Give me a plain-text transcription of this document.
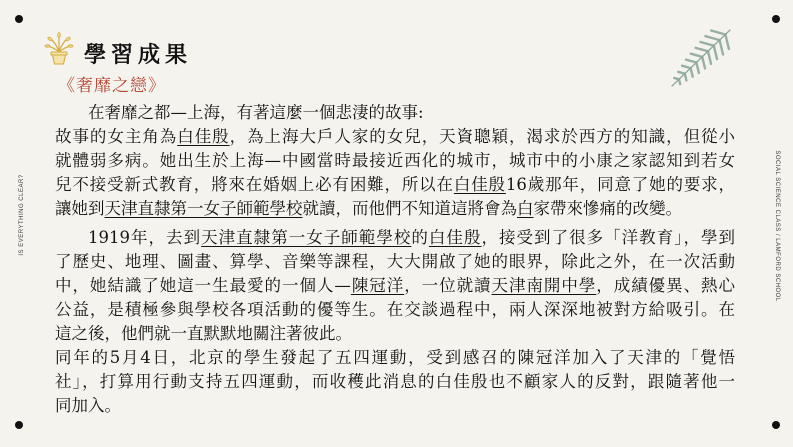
學習成果
《奢靡之戀》
IS EVERYTHING CLEAR?	SOCIAL SCIENCE CLASS / LAMFORD SCHOOL
在奢靡之都—上海，有著這麼一個悲淒的故事:
故事的女主角為白佳殷，為上海大戶人家的女兒，天資聰穎，渴求於西方的知識，但從小
就體弱多病。她出生於上海—中國當時最接近西化的城市，城市中的小康之家認知到若女
兒不接受新式教育，將來在婚姻上必有困難，所以在白佳殷16歲那年，同意了她的要求，
讓她到天津直隸第一女子師範學校就讀，而他們不知道這將會為白家帶來慘痛的改變。
1919年，去到天津直隸第一女子師範學校的白佳殷，接受到了很多「洋教育」，學到
了歷史、地理、圖畫、算學、音樂等課程，大大開啟了她的眼界，除此之外，在一次活動
中，她結識了她這一生最愛的一個人—陳冠洋，一位就讀天津南開中學，成績優異、熱心
公益，是積極參與學校各項活動的優等生。在交談過程中，兩人深深地被對方給吸引。在
這之後，他們就一直默默地關注著彼此。
同年的5月4日，北京的學生發起了五四運動，受到感召的陳冠洋加入了天津的「覺悟
社」，打算用行動支持五四運動，而收穫此消息的白佳殷也不顧家人的反對，跟隨著他一
同加入。
